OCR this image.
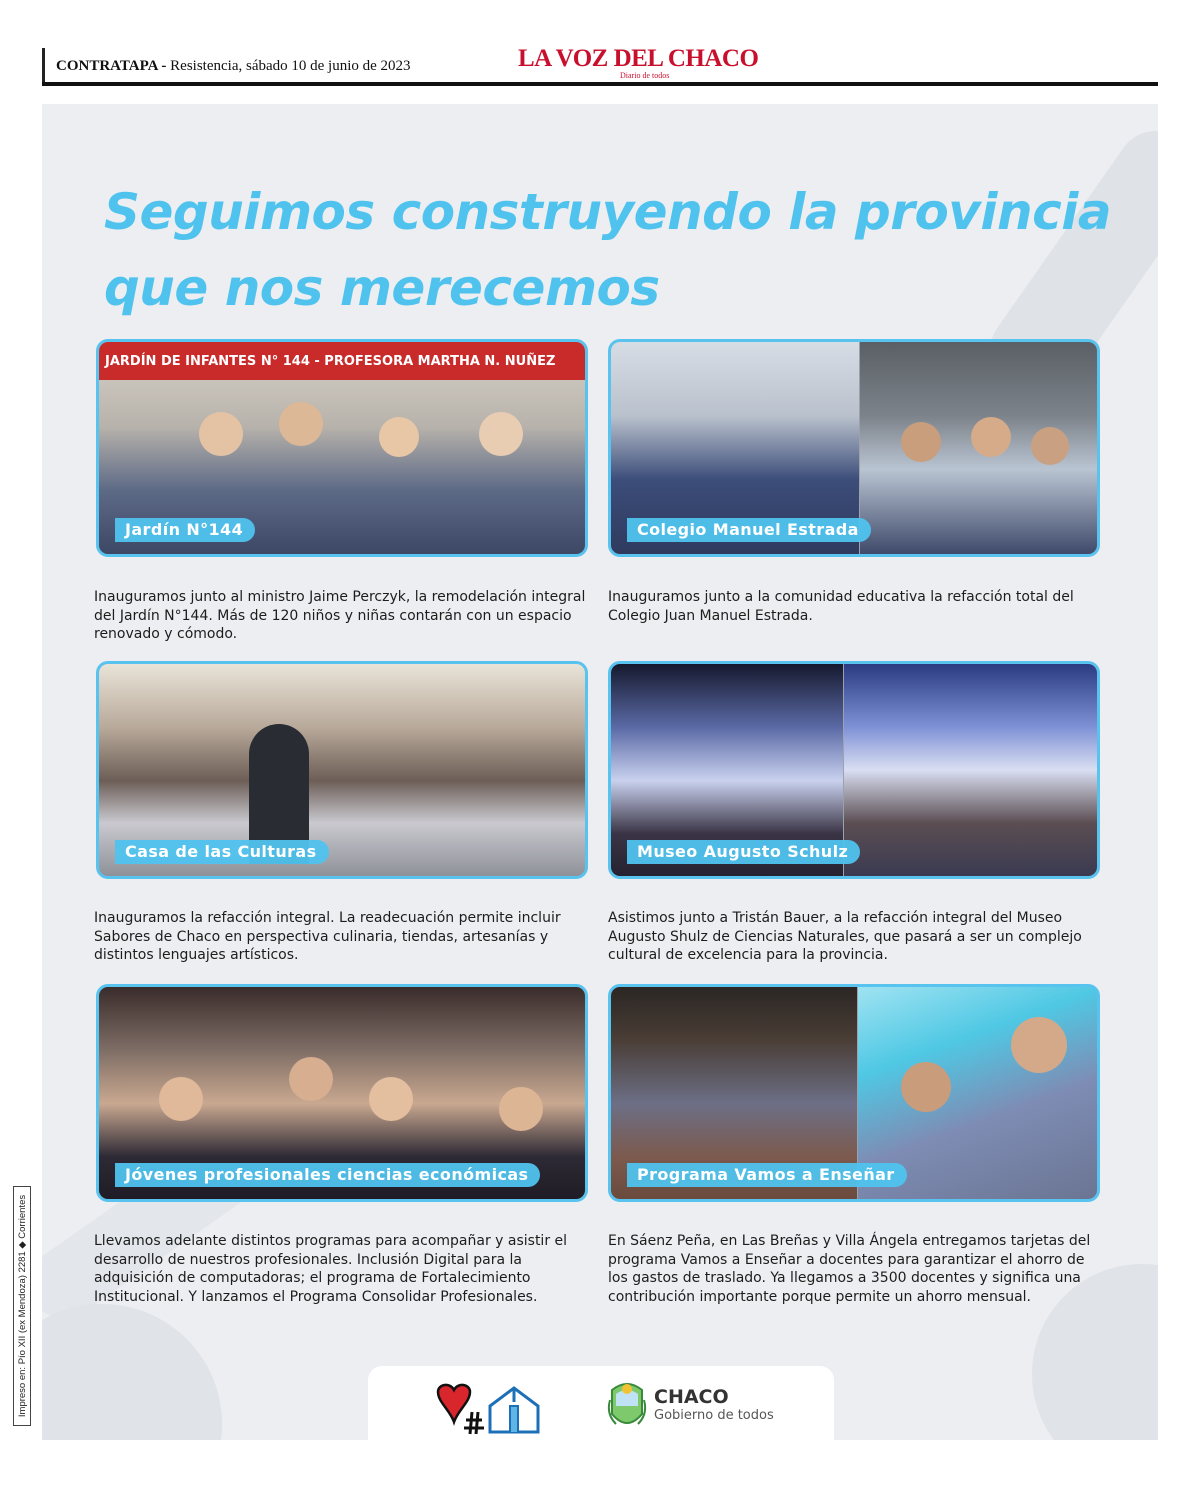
CONTRATAPA - Resistencia, sábado 10 de junio de 2023	LA VOZ DEL CHACO
Diario de todos
Seguimos construyendo la provincia
que nos merecemos
JARDÍN DE INFANTES N° 144 - PROFESORA MARTHA N. NUÑEZ
Jardín N°144
Inauguramos junto al ministro Jaime Perczyk, la remodelación integral del Jardín N°144. Más de 120 niños y niñas contarán con un espacio renovado y cómodo.
Colegio Manuel Estrada
Inauguramos junto a la comunidad educativa la refacción total del Colegio Juan Manuel Estrada.
Casa de las Culturas
Inauguramos la refacción integral. La readecuación permite incluir Sabores de Chaco en perspectiva culinaria, tiendas, artesanías y distintos lenguajes artísticos.
Museo Augusto Schulz
Asistimos junto a Tristán Bauer, a la refacción integral del Museo Augusto Shulz de Ciencias Naturales, que pasará a ser un complejo cultural de excelencia para la provincia.
Jóvenes profesionales ciencias económicas
Llevamos adelante distintos programas para acompañar y asistir el desarrollo de nuestros profesionales. Inclusión Digital para la adquisición de computadoras; el programa de Fortalecimiento Institucional. Y lanzamos el Programa Consolidar Profesionales.
Programa Vamos a Enseñar
En Sáenz Peña, en Las Breñas y Villa Ángela entregamos tarjetas del programa Vamos a Enseñar a docentes para garantizar el ahorro de los gastos de traslado. Ya llegamos a 3500 docentes y significa una contribución importante porque permite un ahorro mensual.
CHACO
Gobierno de todos
Impreso en: Pío XII (ex Mendoza) 2281 ◆ Corrientes
